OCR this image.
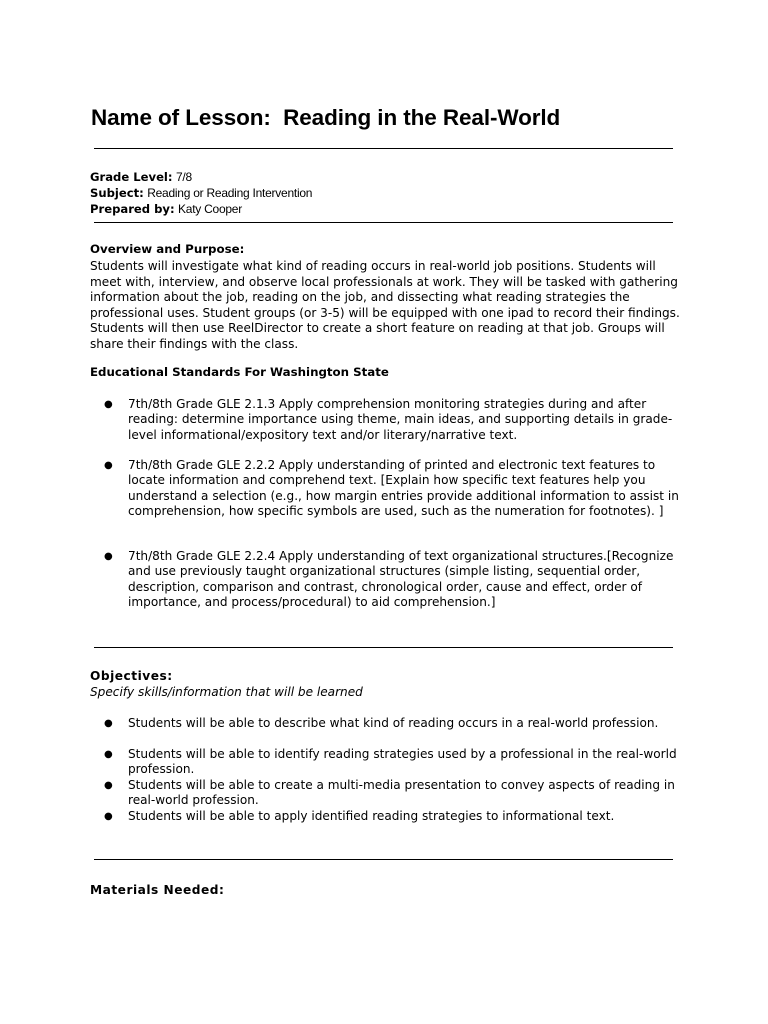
Name of Lesson:  Reading in the Real-World
Grade Level: 7/8
Subject: Reading or Reading Intervention
Prepared by: Katy Cooper
Overview and Purpose:
Students will investigate what kind of reading occurs in real-world job positions. Students will meet with, interview, and observe local professionals at work. They will be tasked with gathering information about the job, reading on the job, and dissecting what reading strategies the professional uses. Student groups (or 3-5) will be equipped with one ipad to record their findings. Students will then use ReelDirector to create a short feature on reading at that job. Groups will share their findings with the class.
Educational Standards For Washington State
●	7th/8th Grade GLE 2.1.3 Apply comprehension monitoring strategies during and after reading: determine importance using theme, main ideas, and supporting details in grade-level informational/expository text and/or literary/narrative text.
●	7th/8th Grade GLE 2.2.2 Apply understanding of printed and electronic text features to locate information and comprehend text. [Explain how specific text features help you understand a selection (e.g., how margin entries provide additional information to assist in comprehension, how specific symbols are used, such as the numeration for footnotes). ]
●	7th/8th Grade GLE 2.2.4 Apply understanding of text organizational structures.[Recognize and use previously taught organizational structures (simple listing, sequential order, description, comparison and contrast, chronological order, cause and effect, order of importance, and process/procedural) to aid comprehension.]
Objectives:
Specify skills/information that will be learned
●	Students will be able to describe what kind of reading occurs in a real-world profession.
●	Students will be able to identify reading strategies used by a professional in the real-world profession.
●	Students will be able to create a multi-media presentation to convey aspects of reading in real-world profession.
●	Students will be able to apply identified reading strategies to informational text.
Materials Needed:
